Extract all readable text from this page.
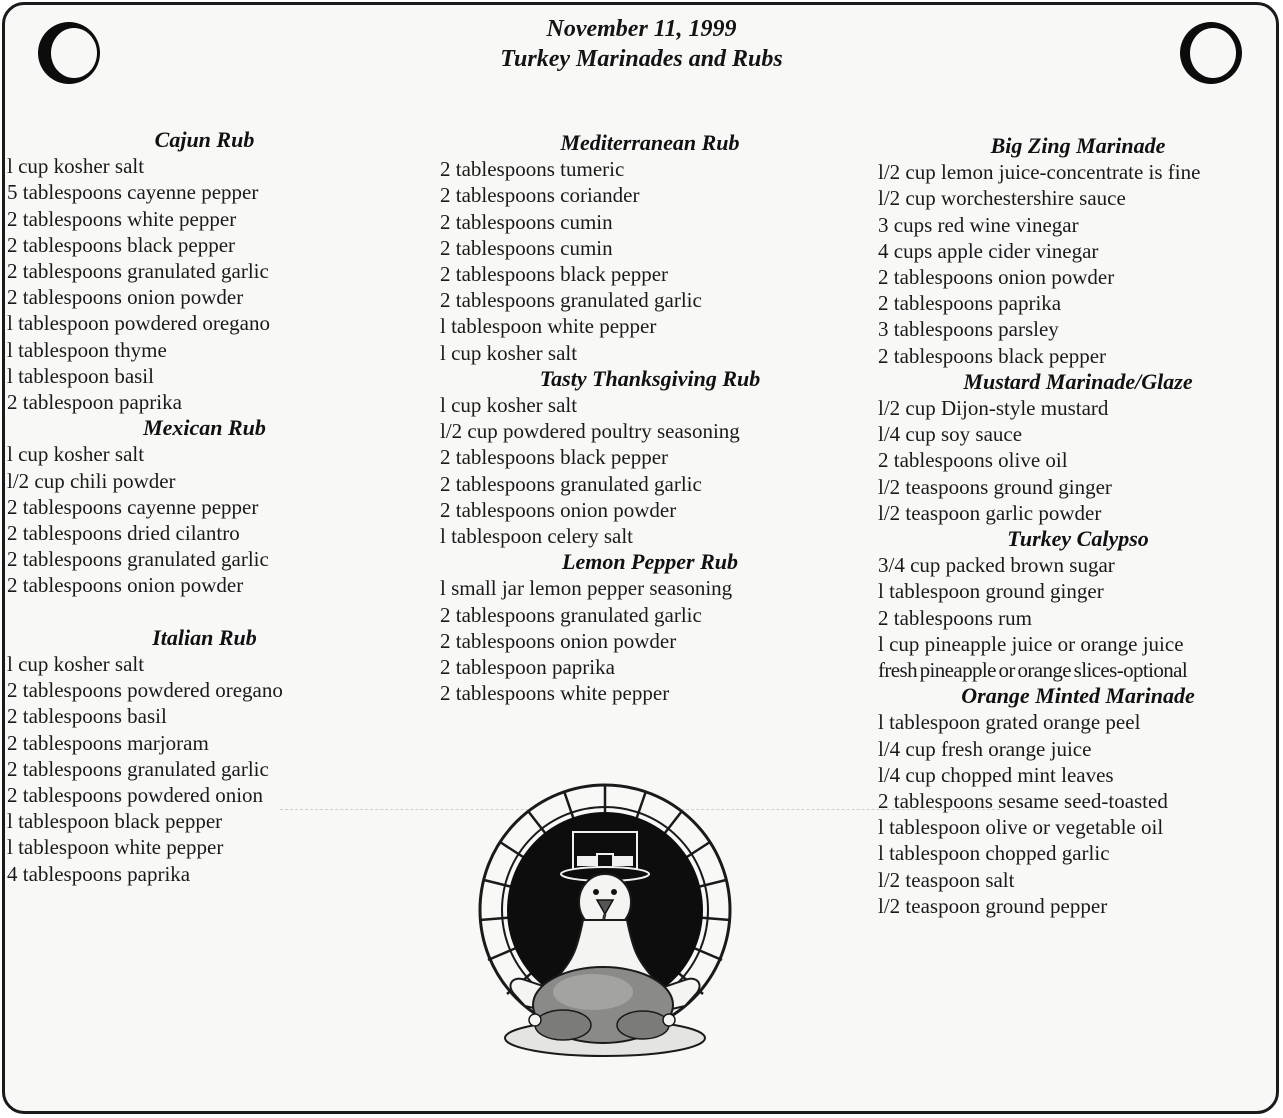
November 11, 1999
Turkey Marinades and Rubs
Cajun Rub
l cup kosher salt
5 tablespoons cayenne pepper
2 tablespoons white pepper
2 tablespoons black pepper
2 tablespoons granulated garlic
2 tablespoons onion powder
l tablespoon powdered oregano
l tablespoon thyme
l tablespoon basil
2 tablespoon paprika
Mexican Rub
l cup kosher salt
l/2 cup chili powder
2 tablespoons cayenne pepper
2 tablespoons dried cilantro
2 tablespoons granulated garlic
2 tablespoons onion powder
Italian Rub
l cup kosher salt
2 tablespoons powdered oregano
2 tablespoons basil
2 tablespoons marjoram
2 tablespoons granulated garlic
2 tablespoons powdered onion
l tablespoon black pepper
l tablespoon white pepper
4 tablespoons paprika
Mediterranean Rub
2 tablespoons tumeric
2 tablespoons coriander
2 tablespoons cumin
2 tablespoons cumin
2 tablespoons black pepper
2 tablespoons granulated garlic
l tablespoon white pepper
l cup kosher salt
Tasty Thanksgiving Rub
l cup kosher salt
l/2 cup powdered poultry seasoning
2 tablespoons black pepper
2 tablespoons granulated garlic
2 tablespoons onion powder
l tablespoon celery salt
Lemon Pepper Rub
l small jar lemon pepper seasoning
2 tablespoons granulated garlic
2 tablespoons onion powder
2 tablespoon paprika
2 tablespoons white pepper
Big Zing Marinade
l/2 cup lemon juice-concentrate is fine
l/2 cup worchestershire sauce
3 cups red wine vinegar
4 cups apple cider vinegar
2 tablespoons onion powder
2 tablespoons paprika
3 tablespoons parsley
2 tablespoons black pepper
Mustard Marinade/Glaze
l/2 cup Dijon-style mustard
l/4 cup soy sauce
2 tablespoons olive oil
l/2 teaspoons ground ginger
l/2 teaspoon garlic powder
Turkey Calypso
3/4 cup packed brown sugar
l tablespoon ground ginger
2 tablespoons rum
l cup pineapple juice or orange juice
fresh pineapple or orange slices-optional
Orange Minted Marinade
l tablespoon grated orange peel
l/4 cup fresh orange juice
l/4 cup chopped mint leaves
2 tablespoons sesame seed-toasted
l tablespoon olive or vegetable oil
l tablespoon chopped garlic
l/2 teaspoon salt
l/2 teaspoon ground pepper
